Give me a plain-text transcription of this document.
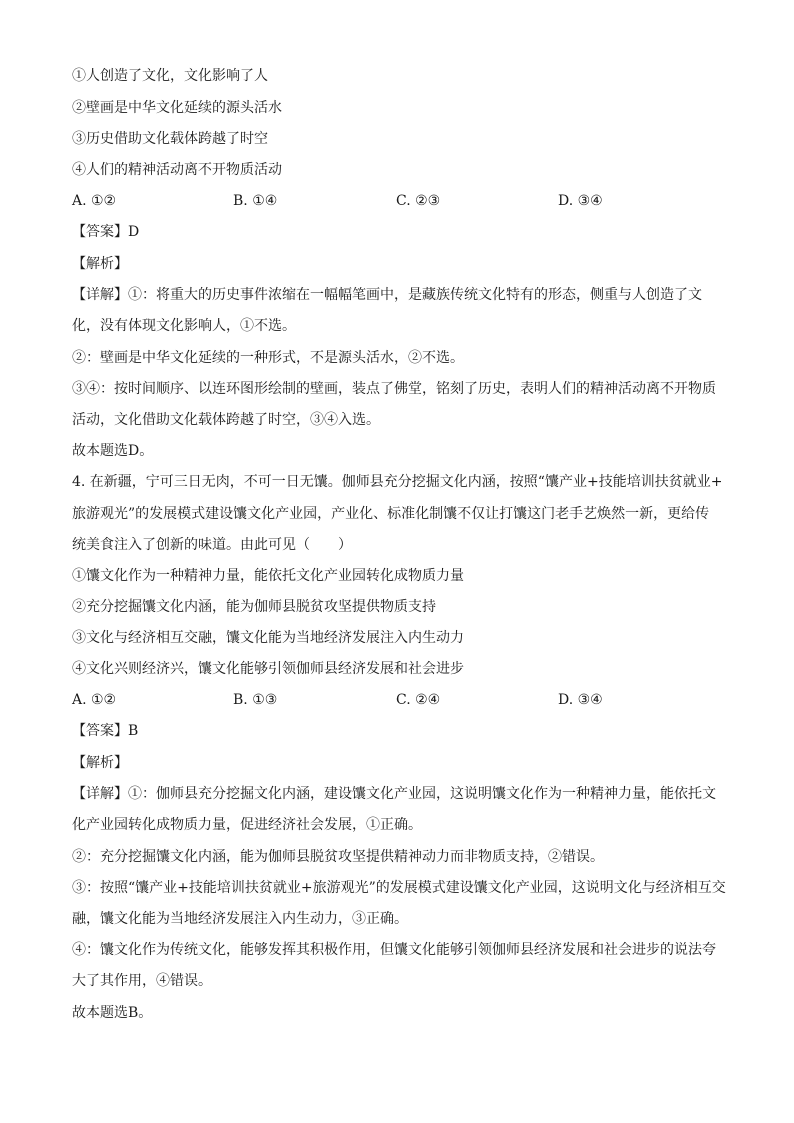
①人创造了文化，文化影响了人
②壁画是中华文化延续的源头活水
③历史借助文化载体跨越了时空
④人们的精神活动离不开物质活动
A. ①②	B. ①④	C. ②③	D. ③④
【答案】D
【解析】
【详解】①：将重大的历史事件浓缩在一幅幅笔画中，是藏族传统文化特有的形态，侧重与人创造了文
化，没有体现文化影响人，①不选。
②：壁画是中华文化延续的一种形式，不是源头活水，②不选。
③④：按时间顺序、以连环图形绘制的壁画，装点了佛堂，铭刻了历史，表明人们的精神活动离不开物质
活动，文化借助文化载体跨越了时空，③④入选。
故本题选D。
4. 在新疆，宁可三日无肉，不可一日无馕。伽师县充分挖掘文化内涵，按照“馕产业+技能培训扶贫就业+
旅游观光”的发展模式建设馕文化产业园，产业化、标准化制馕不仅让打馕这门老手艺焕然一新，更给传
统美食注入了创新的味道。由此可见（　　）
①馕文化作为一种精神力量，能依托文化产业园转化成物质力量
②充分挖掘馕文化内涵，能为伽师县脱贫攻坚提供物质支持
③文化与经济相互交融，馕文化能为当地经济发展注入内生动力
④文化兴则经济兴，馕文化能够引领伽师县经济发展和社会进步
A. ①②	B. ①③	C. ②④	D. ③④
【答案】B
【解析】
【详解】①：伽师县充分挖掘文化内涵，建设馕文化产业园，这说明馕文化作为一种精神力量，能依托文
化产业园转化成物质力量，促进经济社会发展，①正确。
②：充分挖掘馕文化内涵，能为伽师县脱贫攻坚提供精神动力而非物质支持，②错误。
③：按照“馕产业+技能培训扶贫就业+旅游观光”的发展模式建设馕文化产业园，这说明文化与经济相互交
融，馕文化能为当地经济发展注入内生动力，③正确。
④：馕文化作为传统文化，能够发挥其积极作用，但馕文化能够引领伽师县经济发展和社会进步的说法夸
大了其作用，④错误。
故本题选B。
